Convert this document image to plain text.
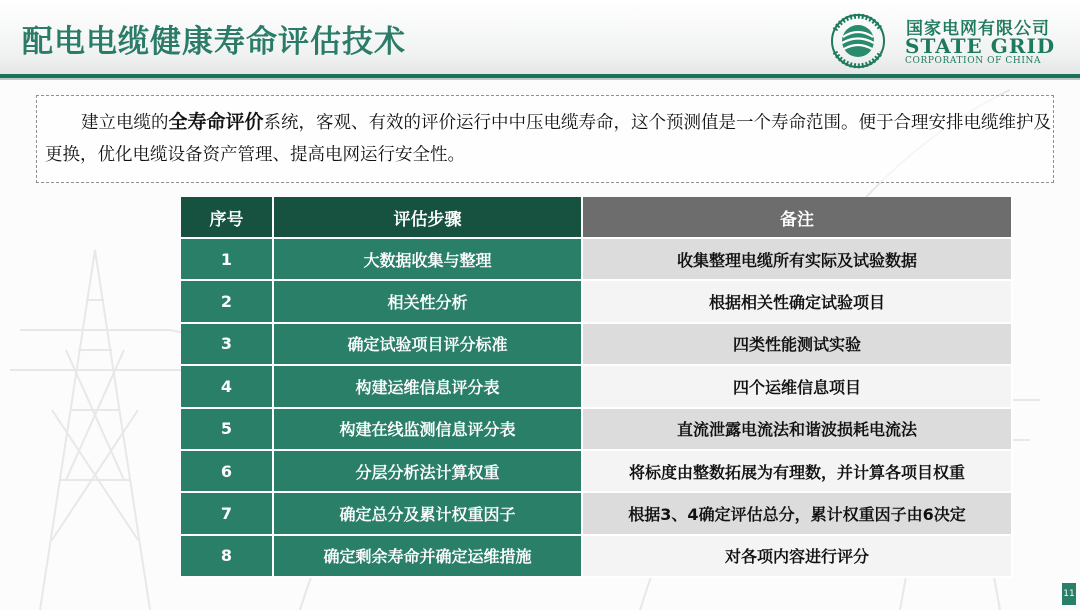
配电电缆健康寿命评估技术	国家电网有限公司
STATE GRID
CORPORATION OF CHINA

建立电缆的全寿命评价系统，客观、有效的评价运行中中压电缆寿命，这个预测值是一个寿命范围。便于合理安排电缆维护及更换，优化电缆设备资产管理、提高电网运行安全性。

序号	评估步骤	备注
1	大数据收集与整理	收集整理电缆所有实际及试验数据
2	相关性分析	根据相关性确定试验项目
3	确定试验项目评分标准	四类性能测试实验
4	构建运维信息评分表	四个运维信息项目
5	构建在线监测信息评分表	直流泄露电流法和谐波损耗电流法
6	分层分析法计算权重	将标度由整数拓展为有理数，并计算各项目权重
7	确定总分及累计权重因子	根据3、4确定评估总分，累计权重因子由6决定
8	确定剩余寿命并确定运维措施	对各项内容进行评分
11
